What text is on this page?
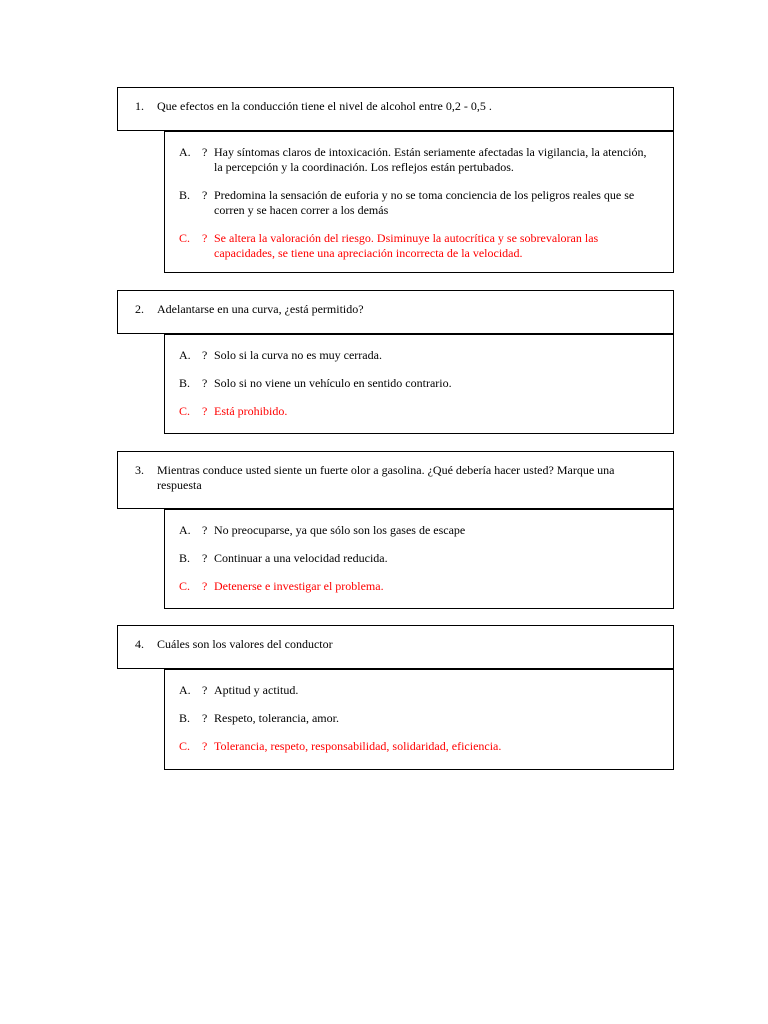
1.	Que efectos en la conducción tiene el nivel de alcohol entre 0,2 - 0,5 .
A. ? Hay síntomas claros de intoxicación. Están seriamente afectadas la vigilancia, la atención, la percepción y la coordinación. Los reflejos están pertubados.
B. ? Predomina la sensación de euforia y no se toma conciencia de los peligros reales que se corren y se hacen correr a los demás
C. ? Se altera la valoración del riesgo. Dsiminuye la autocrítica y se sobrevaloran las capacidades, se tiene una apreciación incorrecta de la velocidad.
2.	Adelantarse en una curva, ¿está permitido?
A. ? Solo si la curva no es muy cerrada.
B. ? Solo si no viene un vehículo en sentido contrario.
C. ? Está prohibido.
3.	Mientras conduce usted siente un fuerte olor a gasolina. ¿Qué debería hacer usted? Marque una respuesta
A. ? No preocuparse, ya que sólo son los gases de escape
B. ? Continuar a una velocidad reducida.
C. ? Detenerse e investigar el problema.
4.	Cuáles son los valores del conductor
A. ? Aptitud y actitud.
B. ? Respeto, tolerancia, amor.
C. ? Tolerancia, respeto, responsabilidad, solidaridad, eficiencia.
